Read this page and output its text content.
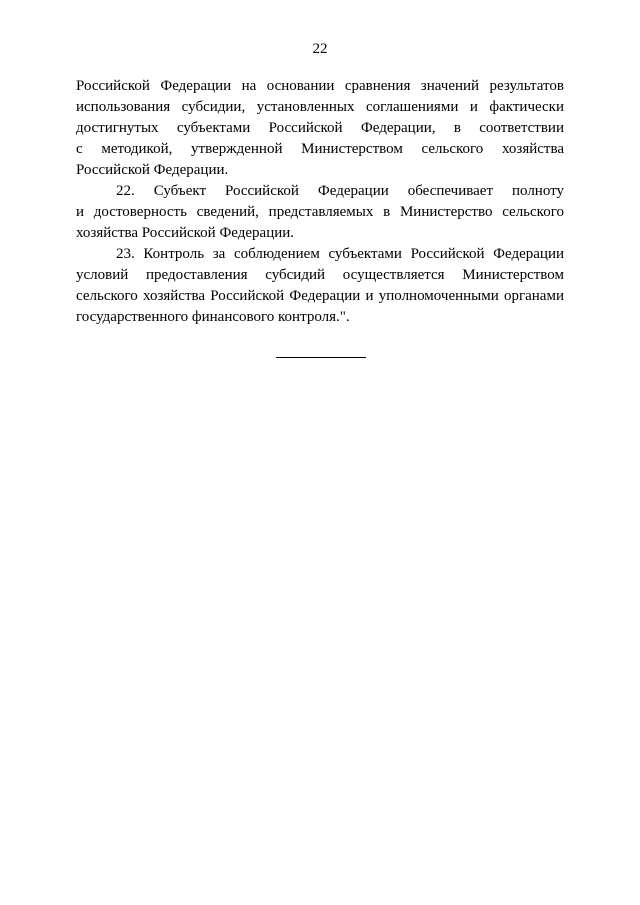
22
Российской Федерации на основании сравнения значений результатов
использования субсидии, установленных соглашениями и фактически
достигнутых субъектами Российской Федерации, в соответствии
с методикой, утвержденной Министерством сельского хозяйства
Российской Федерации.
22. Субъект Российской Федерации обеспечивает полноту
и достоверность сведений, представляемых в Министерство сельского
хозяйства Российской Федерации.
23. Контроль за соблюдением субъектами Российской Федерации
условий предоставления субсидий осуществляется Министерством
сельского хозяйства Российской Федерации и уполномоченными органами
государственного финансового контроля.".
